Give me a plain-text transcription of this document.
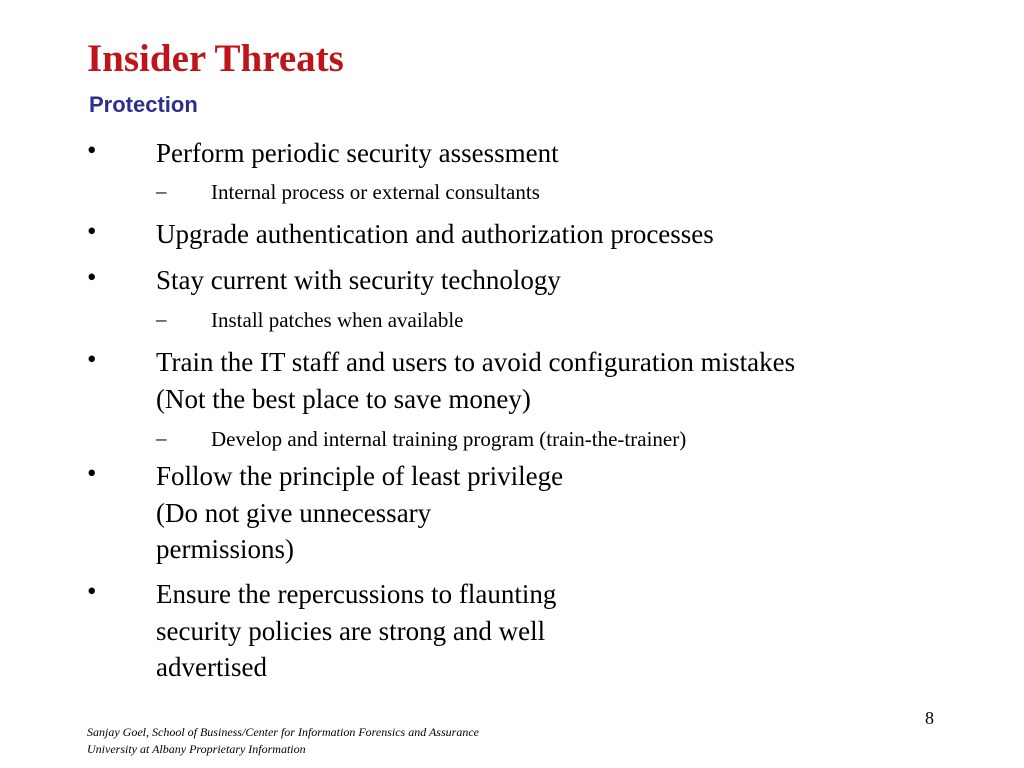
Insider Threats
Protection
• Perform periodic security assessment
– Internal process or external consultants
• Upgrade authentication and authorization processes
• Stay current with security technology
– Install patches when available
• Train the IT staff and users to avoid configuration mistakes
(Not the best place to save money)
– Develop and internal training program (train-the-trainer)
• Follow the principle of least privilege
(Do not give unnecessary
permissions)
• Ensure the repercussions to flaunting
security policies are strong and well
advertised
8
Sanjay Goel, School of Business/Center for Information Forensics and Assurance
University at Albany Proprietary Information
